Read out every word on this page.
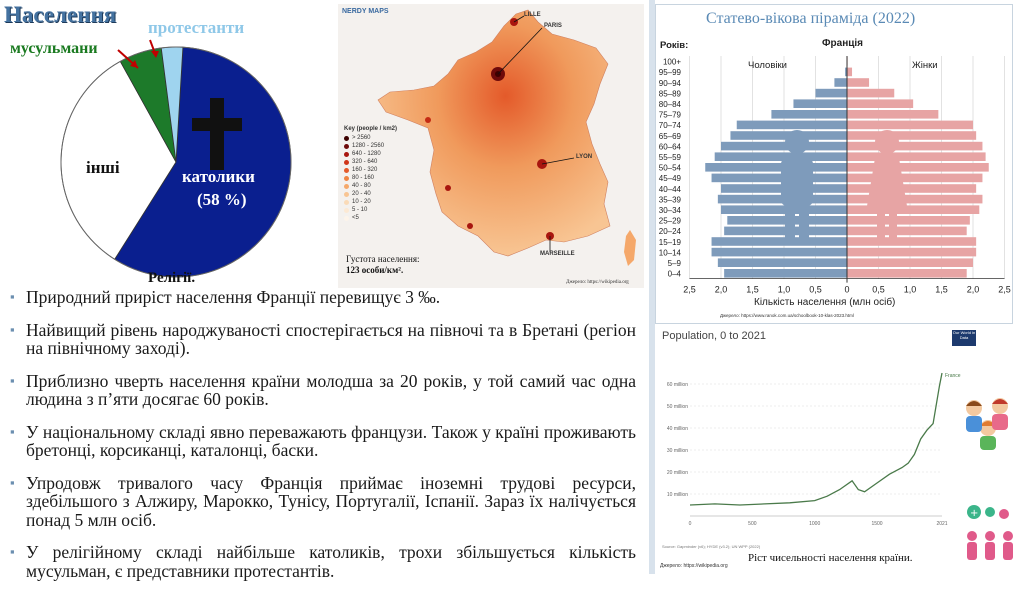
Населення
протестанти
мусульмани
інші	католики
(58 %)
Релігії.
NERDY MAPS	LILLE
PARIS
LYON
MARSEILLE
Key (people / km2)
> 2560
1280 - 2560
640 - 1280
320 - 640
160 - 320
80 - 160
40 - 80
20 - 40
10 - 20
5 - 10
<5
Густота населення:
123 особи/км².
Джерело: https://wikipedia.org
▪ Природний приріст населення Франції перевищує 3 ‰.
▪ Найвищий рівень народжуваності спостерігається на півночі та в Бретані (регіон на північному заході).
▪ Приблизно чверть населення країни молодша за 20 років, у той самий час одна людина з п’яти досягає 60 років.
▪ У національному складі явно переважають французи. Також у країні проживають бретонці, корсиканці, каталонці, баски.
▪ Упродовж тривалого часу Франція приймає іноземні трудові ресурси, здебільшого з Алжиру, Марокко, Тунісу, Португалії, Іспанії. Зараз їх налічується понад 5 млн осіб.
▪ У релігійному складі найбільше католиків, трохи збільшується кількість мусульман, є представники протестантів.
Статево-вікова піраміда (2022)
0–4
5–9
10–14
15–19
20–24
25–29
30–34
35–39
40–44
45–49
50–54
55–59
60–64
65–69
70–74
75–79
80–84
85–89
90–94
95–99
100+
2,5 2,0 1,5 1,0 0,5	0	0,5 1,0 1,5 2,0 2,5
Років:	Франція
Чоловіки	Жінки
Кількість населення (млн осіб)
Джерело: https://www.ranok.com.ua/schoolbook-10-klas-2023.html
10 million
20 million
30 million
40 million
50 million
60 million
0	500	1000	1500	2021
France
Population, 0 to 2021	Our World in Data
Source: Gapminder (v6); HYDE (v3.2); UN WPP (2022)
Ріст чисельності населення країни.
Джерело: https://wikipedia.org
+
